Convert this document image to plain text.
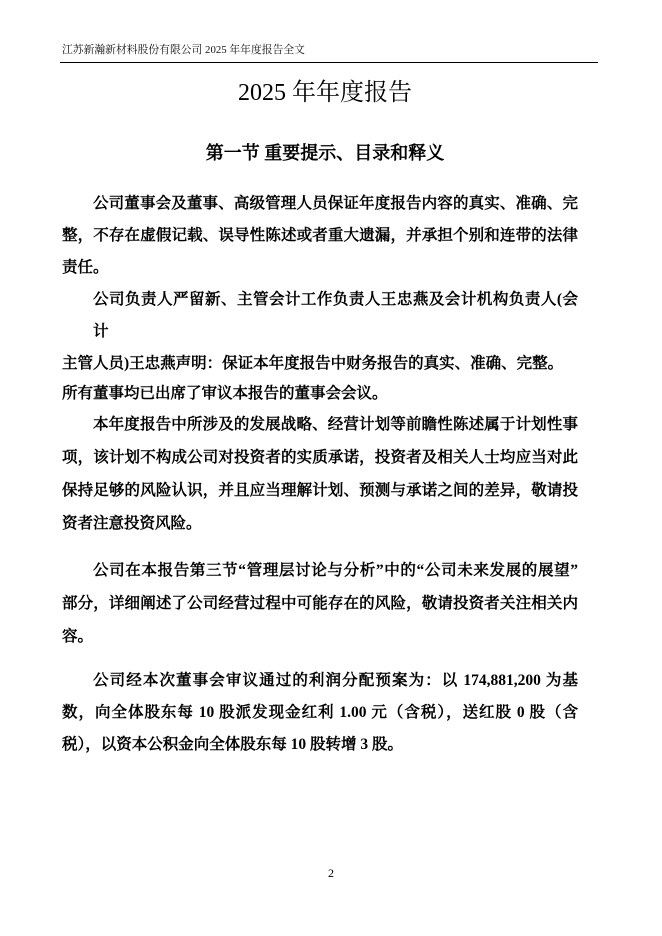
江苏新瀚新材料股份有限公司 2025 年年度报告全文
2025 年年度报告
第一节 重要提示、目录和释义
公司董事会及董事、高级管理人员保证年度报告内容的真实、准确、完
整，不存在虚假记载、误导性陈述或者重大遗漏，并承担个别和连带的法律
责任。
公司负责人严留新、主管会计工作负责人王忠燕及会计机构负责人(会计
主管人员)王忠燕声明：保证本年度报告中财务报告的真实、准确、完整。
所有董事均已出席了审议本报告的董事会会议。
本年度报告中所涉及的发展战略、经营计划等前瞻性陈述属于计划性事
项，该计划不构成公司对投资者的实质承诺，投资者及相关人士均应当对此
保持足够的风险认识，并且应当理解计划、预测与承诺之间的差异，敬请投
资者注意投资风险。
公司在本报告第三节“管理层讨论与分析”中的“公司未来发展的展望”
部分，详细阐述了公司经营过程中可能存在的风险，敬请投资者关注相关内
容。
公司经本次董事会审议通过的利润分配预案为：以 174,881,200 为基
数，向全体股东每 10 股派发现金红利 1.00 元（含税），送红股 0 股（含
税），以资本公积金向全体股东每 10 股转增 3 股。
2
